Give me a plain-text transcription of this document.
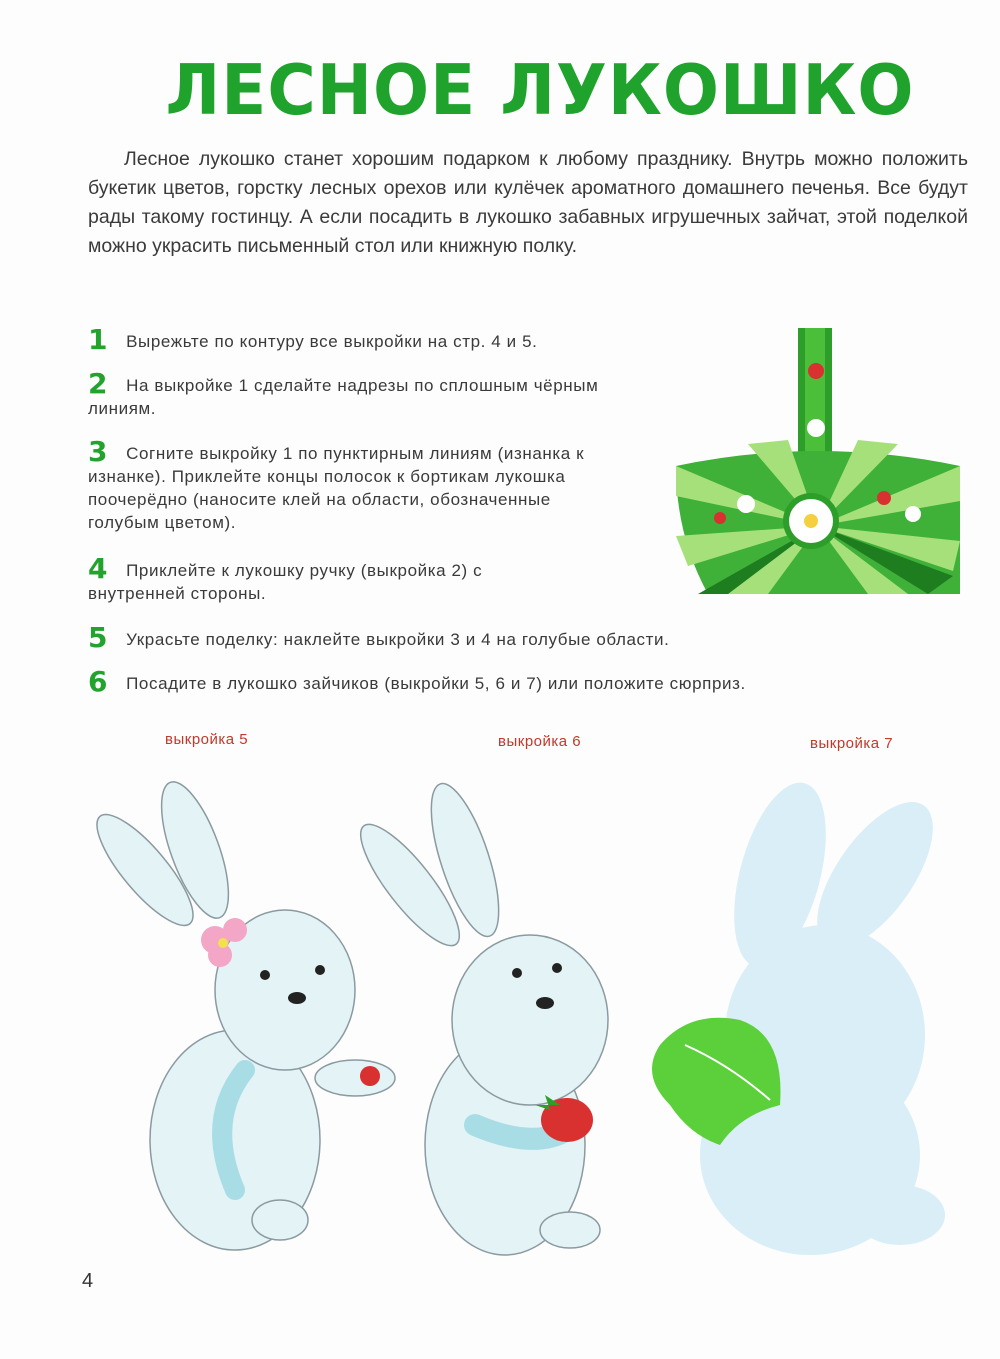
ЛЕСНОЕ ЛУКОШКО

Лесное лукошко станет хорошим подарком к любому празднику. Внутрь можно положить букетик цветов, горстку лесных орехов или кулёчек ароматного домашнего печенья. Все будут рады такому гостинцу. А если посадить в лукошко забавных игрушечных зайчат, этой поделкой можно украсить письменный стол или книжную полку.

1 Вырежьте по контуру все выкройки на стр. 4 и 5.
2 На выкройке 1 сделайте надрезы по сплошным чёрным линиям.
3 Согните выкройку 1 по пунктирным линиям (изнанка к изнанке). Приклейте концы полосок к бортикам лукошка поочерёдно (наносите клей на области, обозначенные голубым цветом).
4 Приклейте к лукошку ручку (выкройка 2) с внутренней стороны.
5 Украсьте поделку: наклейте выкройки 3 и 4 на голубые области.
6 Посадите в лукошко зайчиков (выкройки 5, 6 и 7) или положите сюрприз.
выкройка 5	выкройка 6	выкройка 7
4
